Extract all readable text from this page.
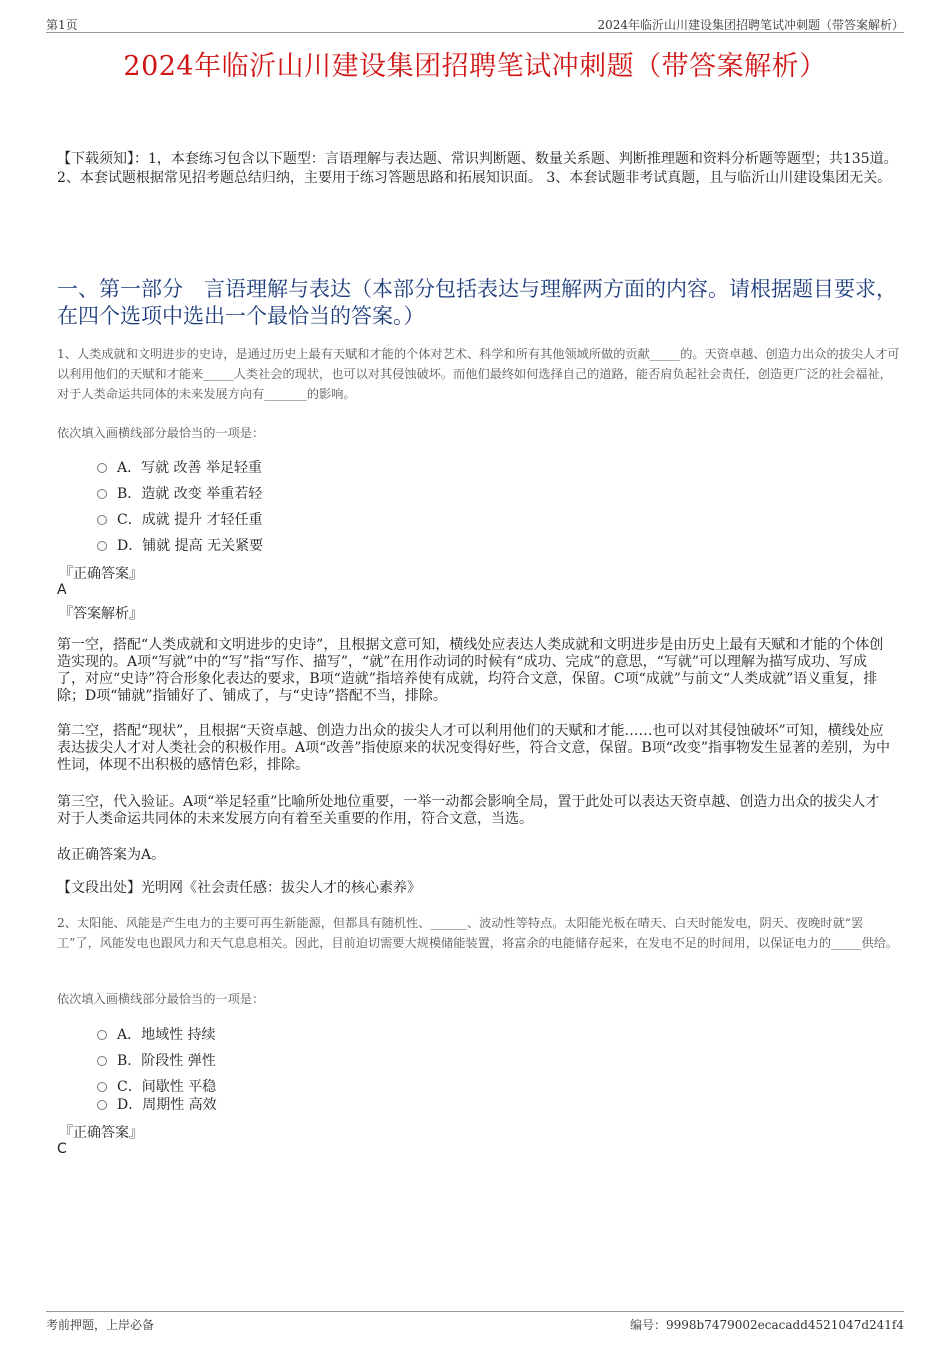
第1页	2024年临沂山川建设集团招聘笔试冲刺题（带答案解析）
2024年临沂山川建设集团招聘笔试冲刺题（带答案解析）
【下载须知】：1，本套练习包含以下题型：言语理解与表达题、常识判断题、数量关系题、判断推理题和资料分析题等题型；共135道。 2、本套试题根据常见招考题总结归纳，主要用于练习答题思路和拓展知识面。 3、本套试题非考试真题，且与临沂山川建设集团无关。
一、第一部分　言语理解与表达（本部分包括表达与理解两方面的内容。请根据题目要求，在四个选项中选出一个最恰当的答案。）
1、人类成就和文明进步的史诗，是通过历史上最有天赋和才能的个体对艺术、科学和所有其他领域所做的贡献_____的。天资卓越、创造力出众的拔尖人才可以利用他们的天赋和才能来_____人类社会的现状，也可以对其侵蚀破坏。而他们最终如何选择自己的道路，能否肩负起社会责任，创造更广泛的社会福祉，对于人类命运共同体的未来发展方向有_______的影响。
依次填入画横线部分最恰当的一项是：
A．写就 改善 举足轻重
B．造就 改变 举重若轻
C．成就 提升 才轻任重
D．铺就 提高 无关紧要
『正确答案』
A
『答案解析』
第一空，搭配“人类成就和文明进步的史诗”，且根据文意可知，横线处应表达人类成就和文明进步是由历史上最有天赋和才能的个体创造实现的。A项“写就”中的“写”指“写作、描写”，“就”在用作动词的时候有“成功、完成”的意思，“写就”可以理解为描写成功、写成了，对应“史诗”符合形象化表达的要求，B项“造就”指培养使有成就，均符合文意，保留。C项“成就”与前文“人类成就”语义重复，排除；D项“铺就”指铺好了、铺成了，与“史诗”搭配不当，排除。
第二空，搭配“现状”，且根据“天资卓越、创造力出众的拔尖人才可以利用他们的天赋和才能……也可以对其侵蚀破坏”可知，横线处应表达拔尖人才对人类社会的积极作用。A项“改善”指使原来的状况变得好些，符合文意，保留。B项“改变”指事物发生显著的差别，为中性词，体现不出积极的感情色彩，排除。
第三空，代入验证。A项“举足轻重”比喻所处地位重要，一举一动都会影响全局，置于此处可以表达天资卓越、创造力出众的拔尖人才对于人类命运共同体的未来发展方向有着至关重要的作用，符合文意，当选。
故正确答案为A。
【文段出处】光明网《社会责任感：拔尖人才的核心素养》
2、太阳能、风能是产生电力的主要可再生新能源，但都具有随机性、______、波动性等特点。太阳能光板在晴天、白天时能发电，阴天、夜晚时就“罢工”了，风能发电也跟风力和天气息息相关。因此，目前迫切需要大规模储能装置，将富余的电能储存起来，在发电不足的时间用，以保证电力的_____供给。
依次填入画横线部分最恰当的一项是：
A．地域性 持续
B．阶段性 弹性
C．间歇性 平稳
D．周期性 高效
『正确答案』
C
考前押题，上岸必备	编号：9998b7479002ecacadd4521047d241f4
